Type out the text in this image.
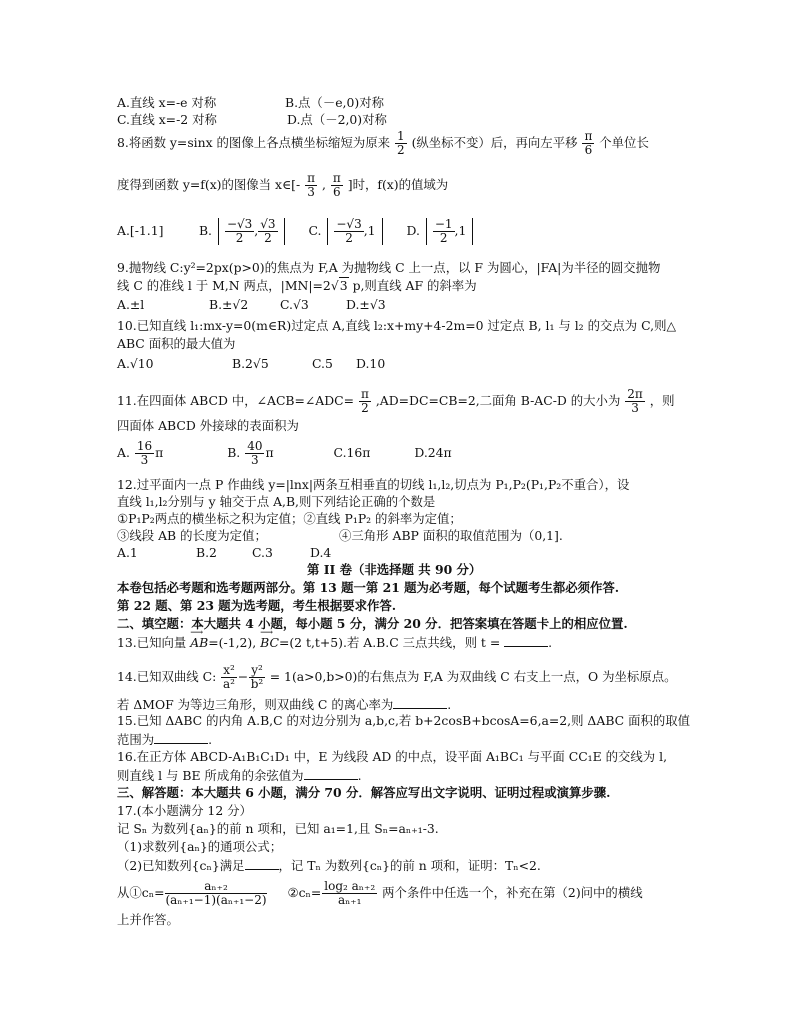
A.直线 x=-e 对称	B.点（－e,0)对称
C.直线 x=-2 对称	D.点（－2,0)对称
8.将函数 y=sinx 的图像上各点横坐标缩短为原来 $\frac{1}{2}$ (纵坐标不变）后，再向左平移 $\frac{\pi}{6}$ 个单位长
度得到函数 y=f(x)的图像当 x∈[- $\frac{\pi}{3}$ , $\frac{\pi}{6}$ ]时，f(x)的值域为
A.[-1.1]	B. $\frac{-√3}{2}$ , $\frac{√3}{2} C$. $\frac{-√3}{2} ,1$ D. $\frac{-1}{2} ,1$
9.抛物线 C:y²=2px(p>0)的焦点为 F,A 为抛物线 C 上一点，以 F 为圆心，|FA|为半径的圆交抛物
线 C 的准线 l 于 M,N 两点，|MN|=2√3 p,则直线 AF 的斜率为
A.±l	B.±√2	C.√3	D.±√3
10.已知直线 l₁:mx-y=0(m∈R)过定点 A,直线 l₂:x+my+4-2m=0 过定点 B, l₁ 与 l₂ 的交点为 C,则△
ABC 面积的最大值为
A.√10	B.2√5	C.5 D.10
11.在四面体 ABCD 中，∠ACB=∠ADC= $\frac{\pi}{2} ,AD=DC=CB=2$,二面角 B-AC-D 的大小为 $\frac{2\pi}{3}$ ，则
四面体 ABCD 外接球的表面积为
A. $\frac{16}{3}$ π	B. $\frac{40}{3}$ π	C.16π	D.24π
12.过平面内一点 P 作曲线 y=|lnx|两条互相垂直的切线 l₁,l₂,切点为 P₁,P₂(P₁,P₂不重合），设
直线 l₁,l₂分别与 y 轴交于点 A,B,则下列结论正确的个数是
①P₁P₂两点的横坐标之积为定值；②直线 P₁P₂ 的斜率为定值；
③线段 AB 的长度为定值；	④三角形 ABP 面积的取值范围为（0,1].
A.1	B.2	C.3	D.4
第 II 卷（非选择题 共 90 分）
本卷包括必考题和选考题两部分。第 13 题一第 21 题为必考题，每个试题考生都必须作答.
第 22 题、第 23 题为选考题，考生根据要求作答.
二、填空题：本大题共 4 小题，每小题 5 分，满分 20 分．把答案填在答题卡上的相应位置.
13.已知向量 ⟶ AB=(-1,2), ⟶ BC=(2 t,t+5).若 A.B.C 三点共线，则 t =	.
14.已知双曲线 C: $\frac{\text{x²}}{\text{a²}} - \frac{\text{y²}}{\text{b²}} = 1(a>0,b>0)$的右焦点为 F,A 为双曲线 C 右支上一点，O 为坐标原点。
若 ΔMOF 为等边三角形，则双曲线 C 的离心率为	.
15.已知 ΔABC 的内角 A.B,C 的对边分别为 a,b,c,若 b+2cosB+bcosA=6,a=2,则 ΔABC 面积的取值
范围为	.
16.在正方体 ABCD-A₁B₁C₁D₁ 中，E 为线段 AD 的中点，设平面 A₁BC₁ 与平面 CC₁E 的交线为 l,
则直线 l 与 BE 所成角的余弦值为	.
三、解答题：本大题共 6 小题，满分 70 分．解答应写出文字说明、证明过程或演算步骤.
17.(本小题满分 12 分）
记 Sₙ 为数列{aₙ}的前 n 项和，已知 a₁=1,且 Sₙ=aₙ₊₁-3.
（1)求数列{aₙ}的通项公式；
（2)已知数列{cₙ}满足	，记 Tₙ 为数列{cₙ}的前 n 项和，证明：Tₙ<2.
从①cₙ= $\frac{\text{aₙ₊₂}}{\text{(aₙ₊₁−1)(aₙ₊₁−2)}}$ ②cₙ= $\frac{\text{log₂ aₙ₊₂}}{\text{aₙ₊₁}}$ 两个条件中任选一个，补充在第（2)问中的横线
上并作答。
